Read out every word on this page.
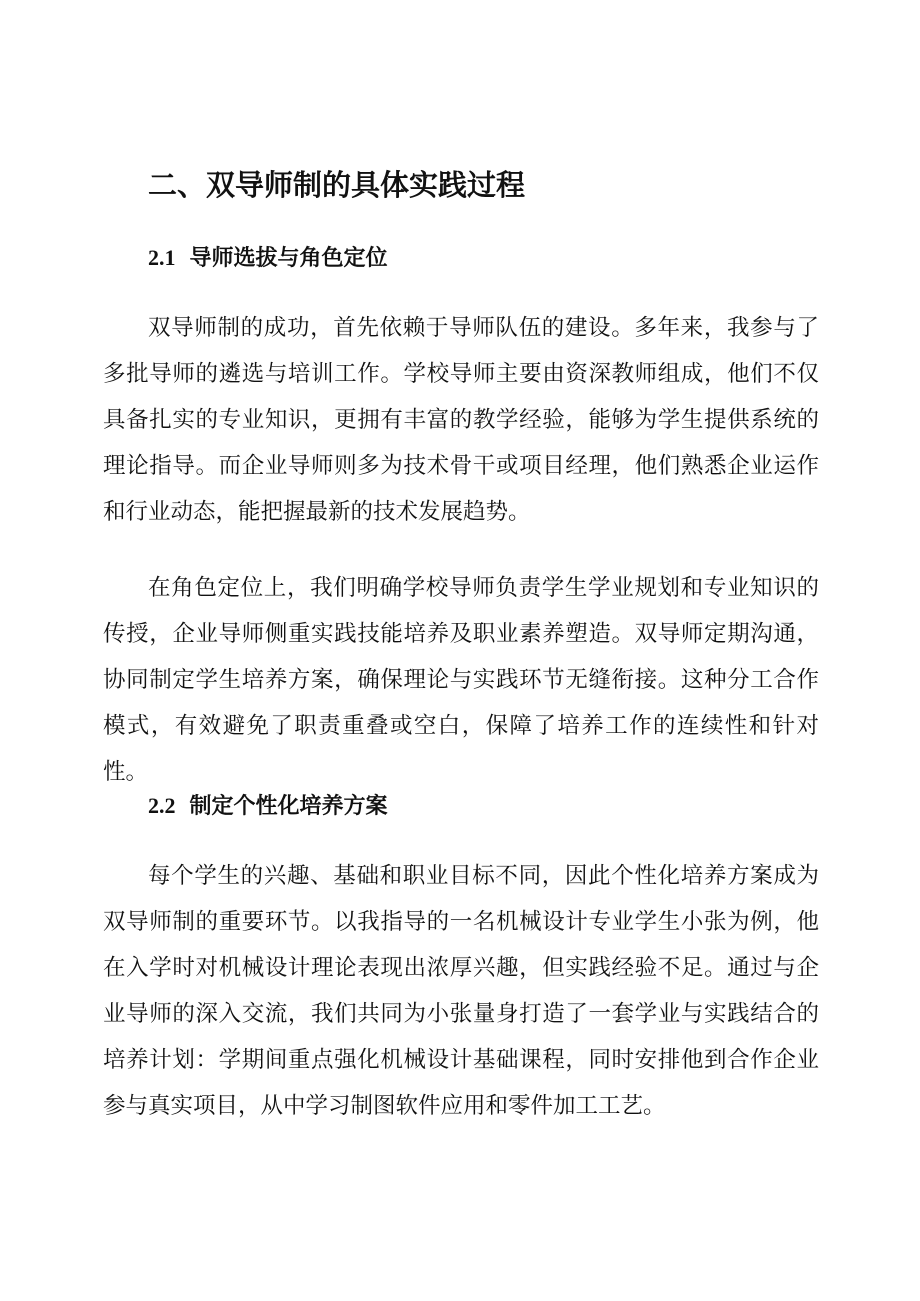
二、双导师制的具体实践过程
2.1 导师选拔与角色定位

双导师制的成功，首先依赖于导师队伍的建设。多年来，我参与了多批导师的遴选与培训工作。学校导师主要由资深教师组成，他们不仅具备扎实的专业知识，更拥有丰富的教学经验，能够为学生提供系统的理论指导。而企业导师则多为技术骨干或项目经理，他们熟悉企业运作和行业动态，能把握最新的技术发展趋势。

在角色定位上，我们明确学校导师负责学生学业规划和专业知识的传授，企业导师侧重实践技能培养及职业素养塑造。双导师定期沟通，协同制定学生培养方案，确保理论与实践环节无缝衔接。这种分工合作模式，有效避免了职责重叠或空白，保障了培养工作的连续性和针对性。

2.2 制定个性化培养方案

每个学生的兴趣、基础和职业目标不同，因此个性化培养方案成为双导师制的重要环节。以我指导的一名机械设计专业学生小张为例，他在入学时对机械设计理论表现出浓厚兴趣，但实践经验不足。通过与企业导师的深入交流，我们共同为小张量身打造了一套学业与实践结合的培养计划：学期间重点强化机械设计基础课程，同时安排他到合作企业参与真实项目，从中学习制图软件应用和零件加工工艺。
